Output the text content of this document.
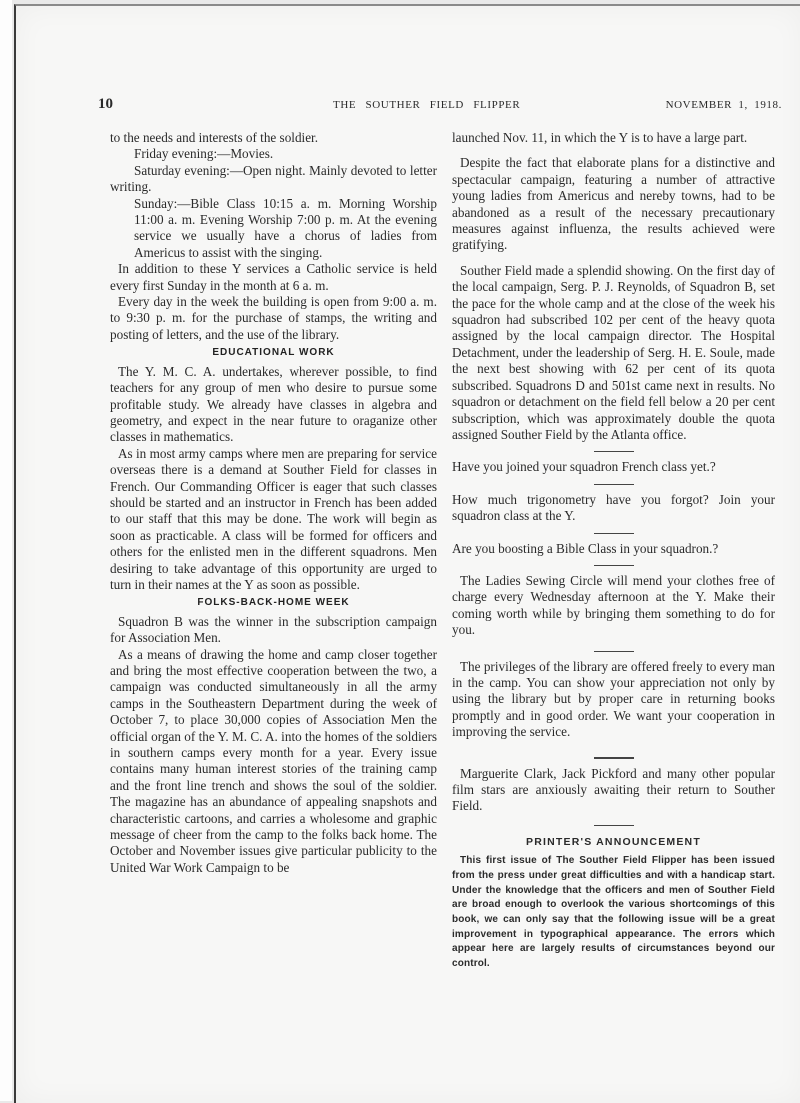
10	THE SOUTHER FIELD FLIPPER	NOVEMBER 1, 1918.

to the needs and interests of the soldier.

Friday evening:—Movies.

Saturday evening:—Open night. Mainly devoted to letter writing.

Sunday:—Bible Class 10:15 a. m. Morning Worship 11:00 a. m. Evening Worship 7:00 p. m. At the evening service we usually have a chorus of ladies from Americus to assist with the singing.

In addition to these Y services a Catholic service is held every first Sunday in the month at 6 a. m.

Every day in the week the building is open from 9:00 a. m. to 9:30 p. m. for the purchase of stamps, the writing and posting of letters, and the use of the library.

EDUCATIONAL WORK

The Y. M. C. A. undertakes, wherever possible, to find teachers for any group of men who desire to pursue some profitable study. We already have classes in algebra and geometry, and expect in the near future to oraganize other classes in mathematics.

As in most army camps where men are preparing for service overseas there is a demand at Souther Field for classes in French. Our Commanding Officer is eager that such classes should be started and an instructor in French has been added to our staff that this may be done. The work will begin as soon as practicable. A class will be formed for officers and others for the enlisted men in the different squadrons. Men desiring to take advantage of this opportunity are urged to turn in their names at the Y as soon as possible.

FOLKS-BACK-HOME WEEK

Squadron B was the winner in the subscription campaign for Association Men.

As a means of drawing the home and camp closer together and bring the most effective cooperation between the two, a campaign was conducted simultaneously in all the army camps in the Southeastern Department during the week of October 7, to place 30,000 copies of Association Men the official organ of the Y. M. C. A. into the homes of the soldiers in southern camps every month for a year. Every issue contains many human interest stories of the training camp and the front line trench and shows the soul of the soldier. The magazine has an abundance of appealing snapshots and characteristic cartoons, and carries a wholesome and graphic message of cheer from the camp to the folks back home. The October and November issues give particular publicity to the United War Work Campaign to be

launched Nov. 11, in which the Y is to have a large part.

Despite the fact that elaborate plans for a distinctive and spectacular campaign, featuring a number of attractive young ladies from Americus and nereby towns, had to be abandoned as a result of the necessary precautionary measures against influenza, the results achieved were gratifying.

Souther Field made a splendid showing. On the first day of the local campaign, Serg. P. J. Reynolds, of Squadron B, set the pace for the whole camp and at the close of the week his squadron had subscribed 102 per cent of the heavy quota assigned by the local campaign director. The Hospital Detachment, under the leadership of Serg. H. E. Soule, made the next best showing with 62 per cent of its quota subscribed. Squadrons D and 501st came next in results. No squadron or detachment on the field fell below a 20 per cent subscription, which was approximately double the quota assigned Souther Field by the Atlanta office.

Have you joined your squadron French class yet.?

How much trigonometry have you forgot? Join your squadron class at the Y.

Are you boosting a Bible Class in your squadron.?

The Ladies Sewing Circle will mend your clothes free of charge every Wednesday afternoon at the Y. Make their coming worth while by bringing them something to do for you.

The privileges of the library are offered freely to every man in the camp. You can show your appreciation not only by using the library but by proper care in returning books promptly and in good order. We want your cooperation in improving the service.

Marguerite Clark, Jack Pickford and many other popular film stars are anxiously awaiting their return to Souther Field.

PRINTER'S ANNOUNCEMENT

This first issue of The Souther Field Flipper has been issued from the press under great difficulties and with a handicap start. Under the knowledge that the officers and men of Souther Field are broad enough to overlook the various shortcomings of this book, we can only say that the following issue will be a great improvement in typographical appearance. The errors which appear here are largely results of circumstances beyond our control.
